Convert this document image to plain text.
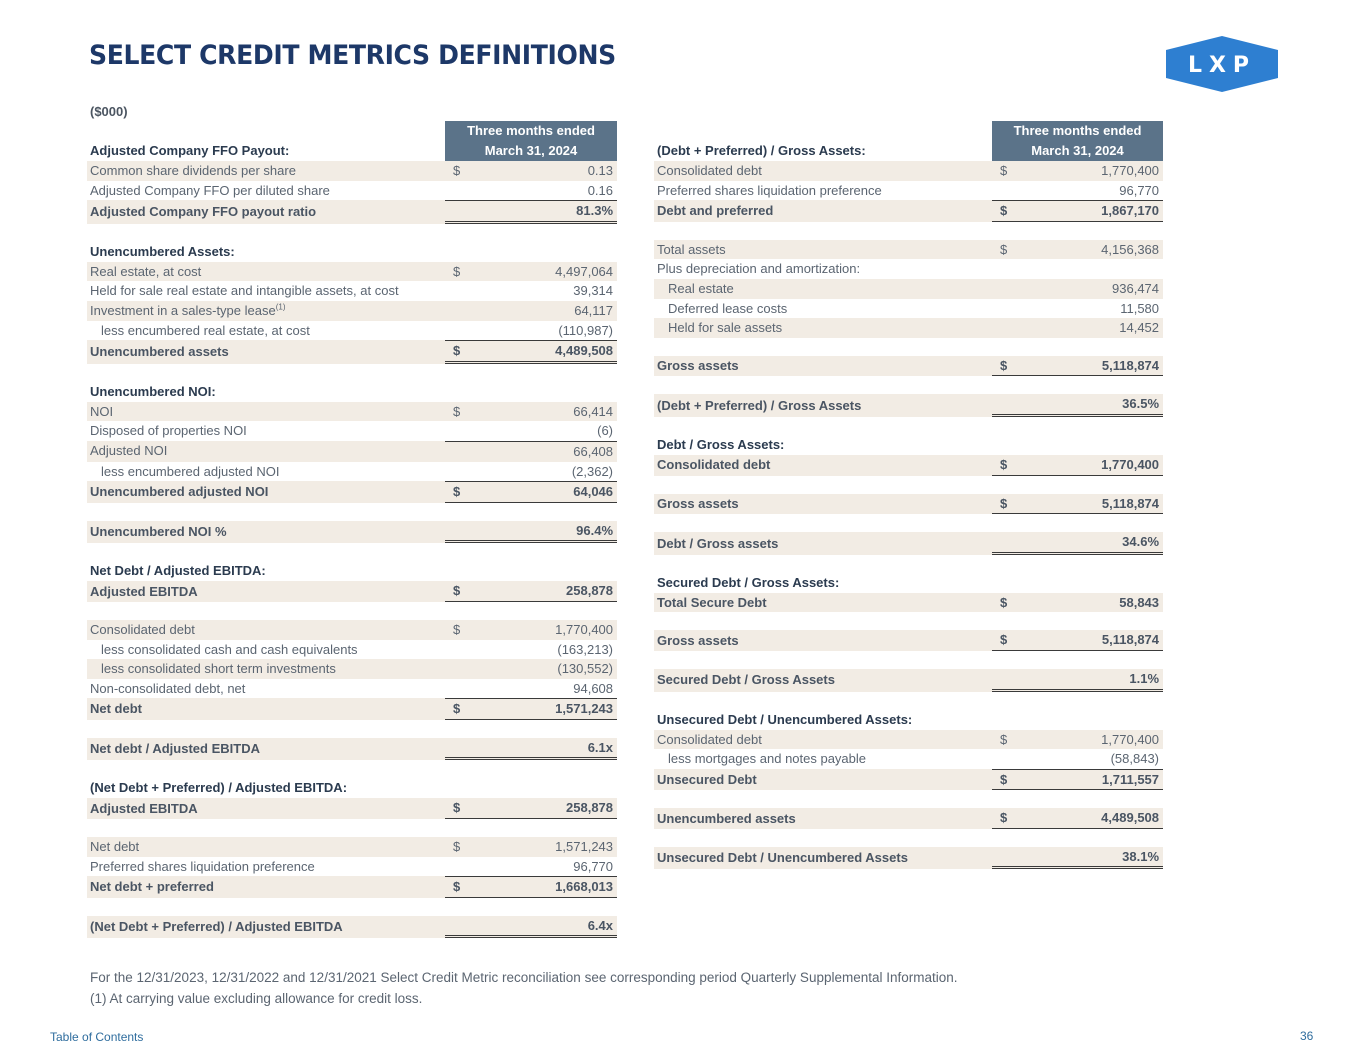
SELECT CREDIT METRICS DEFINITIONS	LXP
($000)
	Three months ended	
Adjusted Company FFO Payout:	March 31, 2024	
Common share dividends per share	$	0.13
Adjusted Company FFO per diluted share		0.16
Adjusted Company FFO payout ratio		81.3%

Unencumbered Assets:		
Real estate, at cost	$	4,497,064
Held for sale real estate and intangible assets, at cost		39,314
Investment in a sales-type lease$^{(1)}$		64,117
less encumbered real estate, at cost		(110,987)
Unencumbered assets	$	4,489,508

Unencumbered NOI:		
NOI	$	66,414
Disposed of properties NOI		(6)
Adjusted NOI		66,408
less encumbered adjusted NOI		(2,362)
Unencumbered adjusted NOI	$	64,046

Unencumbered NOI %		96.4%

Net Debt / Adjusted EBITDA:		
Adjusted EBITDA	$	258,878

Consolidated debt	$	1,770,400
less consolidated cash and cash equivalents		(163,213)
less consolidated short term investments		(130,552)
Non-consolidated debt, net		94,608
Net debt	$	1,571,243

Net debt / Adjusted EBITDA		6.1x

(Net Debt + Preferred) / Adjusted EBITDA:		
Adjusted EBITDA	$	258,878

Net debt	$	1,571,243
Preferred shares liquidation preference		96,770
Net debt + preferred	$	1,668,013

(Net Debt + Preferred) / Adjusted EBITDA		6.4x
	Three months ended	
(Debt + Preferred) / Gross Assets:	March 31, 2024	
Consolidated debt	$	1,770,400
Preferred shares liquidation preference		96,770
Debt and preferred	$	1,867,170

Total assets	$	4,156,368
Plus depreciation and amortization:		
Real estate		936,474
Deferred lease costs		11,580
Held for sale assets		14,452

Gross assets	$	5,118,874

(Debt + Preferred) / Gross Assets		36.5%

Debt / Gross Assets:		
Consolidated debt	$	1,770,400

Gross assets	$	5,118,874

Debt / Gross assets		34.6%

Secured Debt / Gross Assets:		
Total Secure Debt	$	58,843

Gross assets	$	5,118,874

Secured Debt / Gross Assets		1.1%

Unsecured Debt / Unencumbered Assets:		
Consolidated debt	$	1,770,400
less mortgages and notes payable		(58,843)
Unsecured Debt	$	1,711,557

Unencumbered assets	$	4,489,508

Unsecured Debt / Unencumbered Assets		38.1%
For the 12/31/2023, 12/31/2022 and 12/31/2021 Select Credit Metric reconciliation see corresponding period Quarterly Supplemental Information.
(1) At carrying value excluding allowance for credit loss.
Table of Contents	36
